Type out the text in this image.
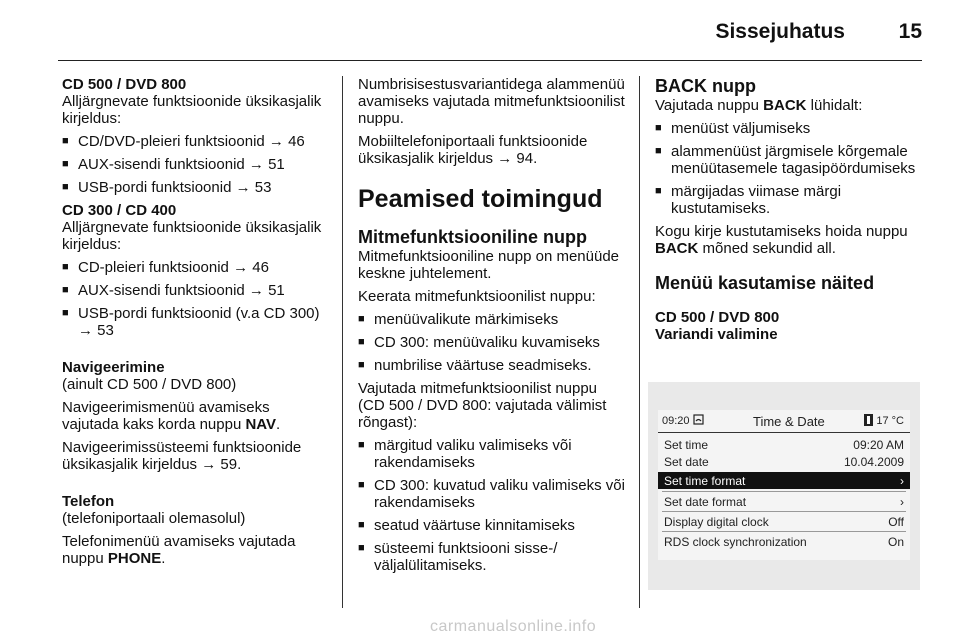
Sissejuhatus	15
CD 500 / DVD 800
Alljärgnevate funktsioonide üksikasjalik kirjeldus:
■ CD/DVD-pleieri funktsioonid → 46
■ AUX-sisendi funktsioonid → 51
■ USB-pordi funktsioonid → 53
CD 300 / CD 400
Alljärgnevate funktsioonide üksikasjalik kirjeldus:
■ CD-pleieri funktsioonid → 46
■ AUX-sisendi funktsioonid → 51
■ USB-pordi funktsioonid (v.a CD 300) → 53
Navigeerimine
(ainult CD 500 / DVD 800)
Navigeerimismenüü avamiseks vajutada kaks korda nuppu NAV.
Navigeerimissüsteemi funktsioonide üksikasjalik kirjeldus → 59.
Telefon
(telefoniportaali olemasolul)
Telefonimenüü avamiseks vajutada nuppu PHONE.
Numbrisisestusvariantidega alammenüü avamiseks vajutada mitmefunktsioonilist nuppu.
Mobiiltelefoniportaali funktsioonide üksikasjalik kirjeldus → 94.
Peamised toimingud
Mitmefunktsiooniline nupp
Mitmefunktsiooniline nupp on menüüde keskne juhtelement.
Keerata mitmefunktsioonilist nuppu:
■ menüüvalikute märkimiseks
■ CD 300: menüüvaliku kuvamiseks
■ numbrilise väärtuse seadmiseks.
Vajutada mitmefunktsioonilist nuppu (CD 500 / DVD 800: vajutada välimist rõngast):
■ märgitud valiku valimiseks või rakendamiseks
■ CD 300: kuvatud valiku valimiseks või rakendamiseks
■ seatud väärtuse kinnitamiseks
■ süsteemi funktsiooni sisse-/ väljalülitamiseks.
BACK nupp
Vajutada nuppu BACK lühidalt:
■ menüüst väljumiseks
■ alammenüüst järgmisele kõrgemale menüütasemele tagasipöördumiseks
■ märgijadas viimase märgi kustutamiseks.
Kogu kirje kustutamiseks hoida nuppu BACK mõned sekundid all.
Menüü kasutamise näited
CD 500 / DVD 800
Variandi valimine
09:20	Time & Date	17 °C
Set time	09:20 AM
Set date	10.04.2009
Set time format	›
Set date format	›
Display digital clock	Off
RDS clock synchronization	On
carmanualsonline.info
